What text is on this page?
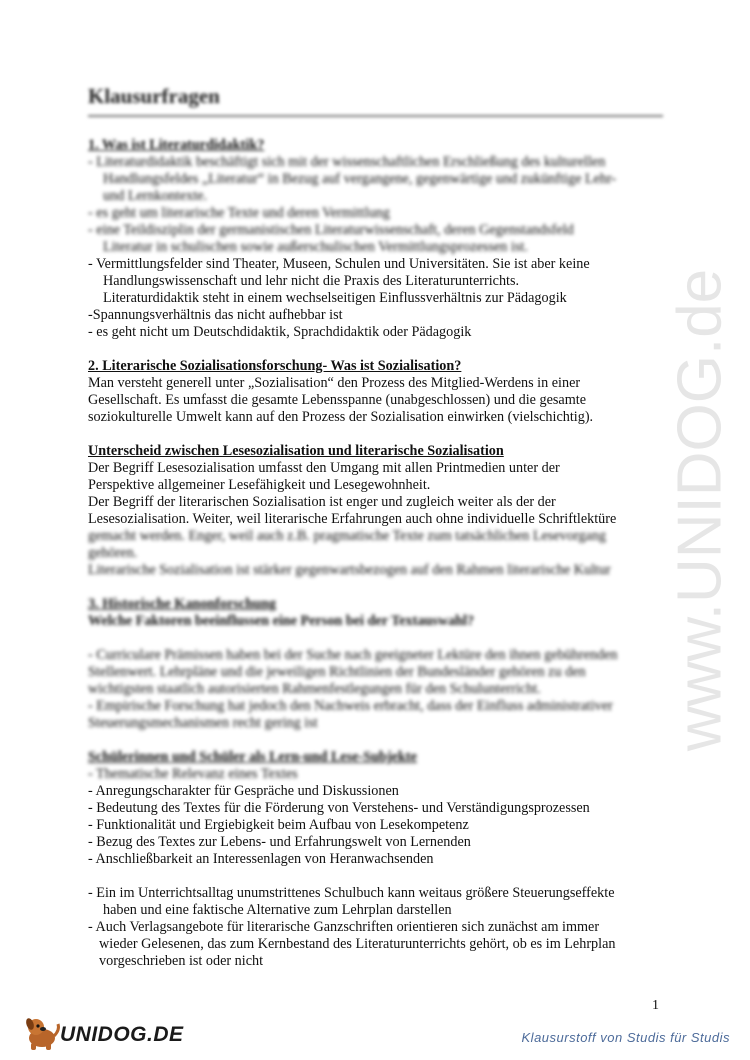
Klausurfragen
1. Was ist Literaturdidaktik?
- Literaturdidaktik beschäftigt sich mit der wissenschaftlichen Erschließung des kulturellen
Handlungsfeldes „Literatur“ in Bezug auf vergangene, gegenwärtige und zukünftige Lehr-
und Lernkontexte.
- es geht um literarische Texte und deren Vermittlung
- eine Teildisziplin der germanistischen Literaturwissenschaft, deren Gegenstandsfeld
Literatur in schulischen sowie außerschulischen Vermittlungsprozessen ist.
- Vermittlungsfelder sind Theater, Museen, Schulen und Universitäten. Sie ist aber keine
Handlungswissenschaft und lehr nicht die Praxis des Literaturunterrichts.
Literaturdidaktik steht in einem wechselseitigen Einflussverhältnis zur Pädagogik
-Spannungsverhältnis das nicht aufhebbar ist
- es geht nicht um Deutschdidaktik, Sprachdidaktik oder Pädagogik
2. Literarische Sozialisationsforschung- Was ist Sozialisation?
Man versteht generell unter „Sozialisation“ den Prozess des Mitglied-Werdens in einer
Gesellschaft. Es umfasst die gesamte Lebensspanne (unabgeschlossen) und die gesamte
soziokulturelle Umwelt kann auf den Prozess der Sozialisation einwirken (vielschichtig).
Unterscheid zwischen Lesesozialisation und literarische Sozialisation
Der Begriff Lesesozialisation umfasst den Umgang mit allen Printmedien unter der
Perspektive allgemeiner Lesefähigkeit und Lesegewohnheit.
Der Begriff der literarischen Sozialisation ist enger und zugleich weiter als der der
Lesesozialisation. Weiter, weil literarische Erfahrungen auch ohne individuelle Schriftlektüre
gemacht werden. Enger, weil auch z.B. pragmatische Texte zum tatsächlichen Lesevorgang
gehören.
Literarische Sozialisation ist stärker gegenwartsbezogen auf den Rahmen literarische Kultur
3. Historische Kanonforschung
Welche Faktoren beeinflussen eine Person bei der Textauswahl?
- Curriculare Prämissen haben bei der Suche nach geeigneter Lektüre den ihnen gebührenden
Stellenwert. Lehrpläne und die jeweiligen Richtlinien der Bundesländer gehören zu den
wichtigsten staatlich autorisierten Rahmenfestlegungen für den Schulunterricht.
- Empirische Forschung hat jedoch den Nachweis erbracht, dass der Einfluss administrativer
Steuerungsmechanismen recht gering ist
Schülerinnen und Schüler als Lern-und Lese-Subjekte
- Thematische Relevanz eines Textes
- Anregungscharakter für Gespräche und Diskussionen
- Bedeutung des Textes für die Förderung von Verstehens- und Verständigungsprozessen
- Funktionalität und Ergiebigkeit beim Aufbau von Lesekompetenz
- Bezug des Textes zur Lebens- und Erfahrungswelt von Lernenden
- Anschließbarkeit an Interessenlagen von Heranwachsenden
- Ein im Unterrichtsalltag unumstrittenes Schulbuch kann weitaus größere Steuerungseffekte
haben und eine faktische Alternative zum Lehrplan darstellen
- Auch Verlagsangebote für literarische Ganzschriften orientieren sich zunächst am immer
wieder Gelesenen, das zum Kernbestand des Literaturunterrichts gehört, ob es im Lehrplan
vorgeschrieben ist oder nicht
www.UNIDOG.de
1
UNIDOG.DE	Klausurstoff von Studis für Studis
